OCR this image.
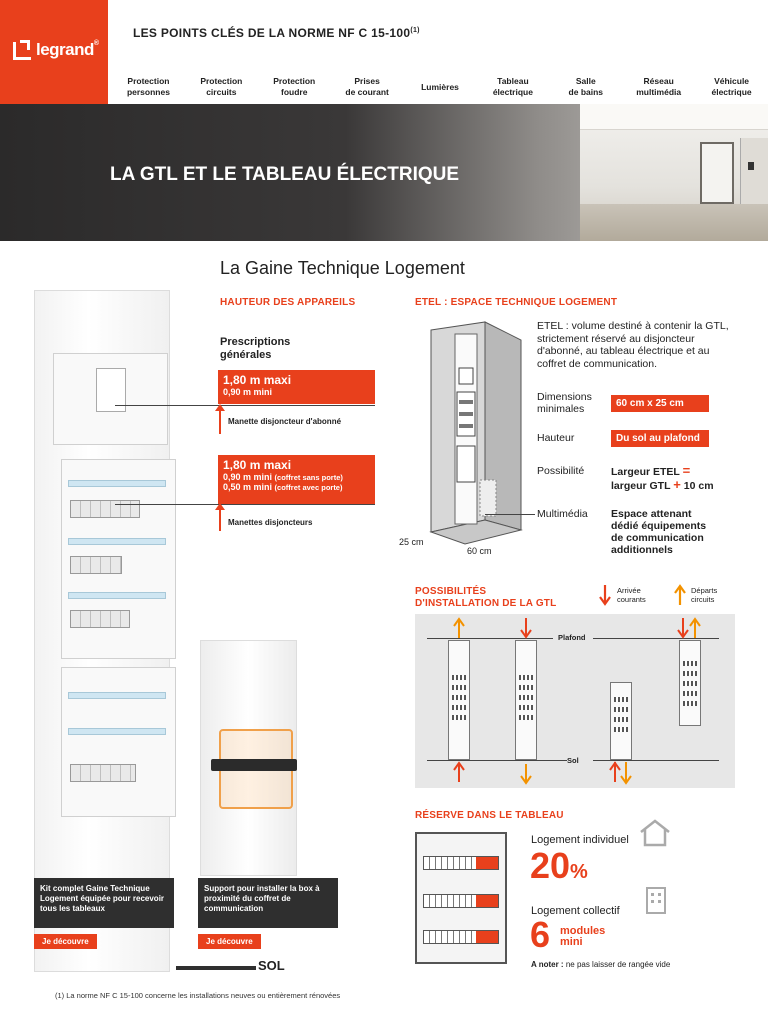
legrand®
LES POINTS CLÉS DE LA NORME NF C 15-100$^{(1)}$
Protection
personnes
Protection
circuits
Protection
foudre
Prises
de courant
Lumières
Tableau
électrique
Salle
de bains
Réseau
multimédia
Véhicule
électrique
LA GTL ET LE TABLEAU ÉLECTRIQUE
La Gaine Technique Logement
Kit complet Gaine Technique Logement équipée pour recevoir tous les tableaux
Je découvre
Support pour installer la box à proximité du coffret de communication
Je découvre
SOL
HAUTEUR DES APPAREILS
Prescriptions
générales
1,80 m maxi
0,90 m mini
Manette disjoncteur d'abonné
1,80 m maxi
0,90 m mini (coffret sans porte)
0,50 m mini (coffret avec porte)
Manettes disjoncteurs
ETEL : ESPACE TECHNIQUE LOGEMENT
25 cm
60 cm
ETEL : volume destiné à contenir la GTL, strictement réservé au disjoncteur d'abonné, au tableau électrique et au coffret de communication.
Dimensions
minimales	60 cm x 25 cm
Hauteur	Du sol au plafond
Possibilité	Largeur ETEL =
largeur GTL + 10 cm
Multimédia Espace attenant
dédié équipements
de communication
additionnels
POSSIBILITÉS
D'INSTALLATION DE LA GTL
Arrivée
courants
Départs
circuits
Plafond
Sol
RÉSERVE DANS LE TABLEAU
Logement individuel
20%
Logement collectif
6 modules
mini
A noter : ne pas laisser de rangée vide
(1) La norme NF C 15-100 concerne les installations neuves ou entièrement rénovées
